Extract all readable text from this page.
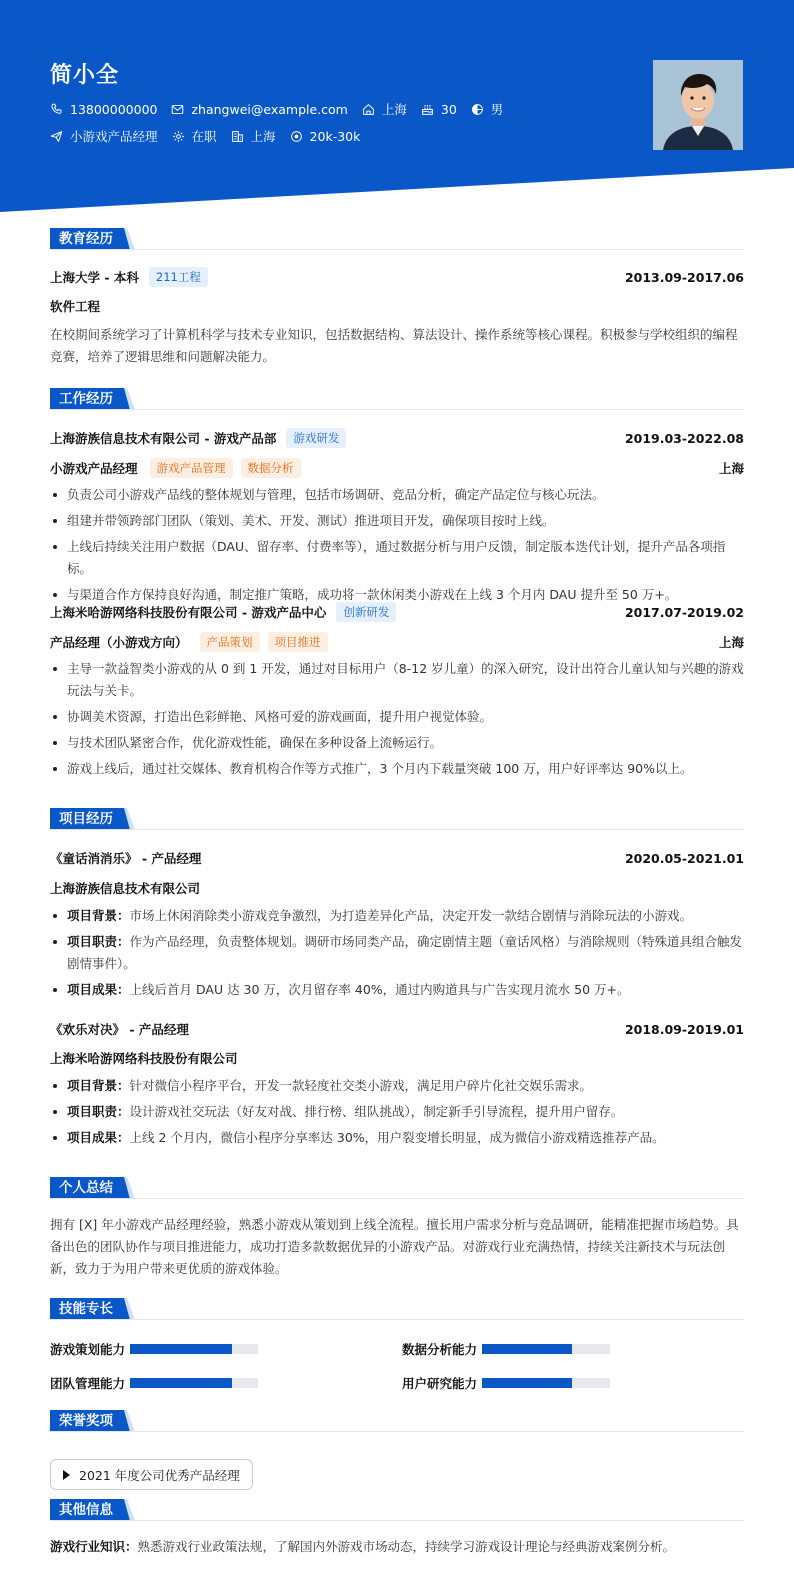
简小全
13800000000	zhangwei@example.com	上海	30	男
小游戏产品经理	在职	上海	20k-30k
教育经历
上海大学 - 本科	211工程	2013.09-2017.06
软件工程
在校期间系统学习了计算机科学与技术专业知识，包括数据结构、算法设计、操作系统等核心课程。积极参与学校组织的编程竞赛，培养了逻辑思维和问题解决能力。
工作经历
上海游族信息技术有限公司 - 游戏产品部	游戏研发	2019.03-2022.08
小游戏产品经理	游戏产品管理	数据分析	上海
负责公司小游戏产品线的整体规划与管理，包括市场调研、竞品分析，确定产品定位与核心玩法。
组建并带领跨部门团队（策划、美术、开发、测试）推进项目开发，确保项目按时上线。
上线后持续关注用户数据（DAU、留存率、付费率等），通过数据分析与用户反馈，制定版本迭代计划，提升产品各项指标。
与渠道合作方保持良好沟通，制定推广策略，成功将一款休闲类小游戏在上线 3 个月内 DAU 提升至 50 万+。
上海米哈游网络科技股份有限公司 - 游戏产品中心	创新研发	2017.07-2019.02
产品经理（小游戏方向）	产品策划	项目推进	上海
主导一款益智类小游戏的从 0 到 1 开发，通过对目标用户（8-12 岁儿童）的深入研究，设计出符合儿童认知与兴趣的游戏玩法与关卡。
协调美术资源，打造出色彩鲜艳、风格可爱的游戏画面，提升用户视觉体验。
与技术团队紧密合作，优化游戏性能，确保在多种设备上流畅运行。
游戏上线后，通过社交媒体、教育机构合作等方式推广，3 个月内下载量突破 100 万，用户好评率达 90%以上。
项目经历
《童话消消乐》 - 产品经理	2020.05-2021.01
上海游族信息技术有限公司
项目背景：市场上休闲消除类小游戏竞争激烈，为打造差异化产品，决定开发一款结合剧情与消除玩法的小游戏。
项目职责：作为产品经理，负责整体规划。调研市场同类产品，确定剧情主题（童话风格）与消除规则（特殊道具组合触发剧情事件）。
项目成果：上线后首月 DAU 达 30 万，次月留存率 40%，通过内购道具与广告实现月流水 50 万+。
《欢乐对决》 - 产品经理	2018.09-2019.01
上海米哈游网络科技股份有限公司
项目背景：针对微信小程序平台，开发一款轻度社交类小游戏，满足用户碎片化社交娱乐需求。
项目职责：设计游戏社交玩法（好友对战、排行榜、组队挑战），制定新手引导流程，提升用户留存。
项目成果：上线 2 个月内，微信小程序分享率达 30%，用户裂变增长明显，成为微信小游戏精选推荐产品。
个人总结
拥有 [X] 年小游戏产品经理经验，熟悉小游戏从策划到上线全流程。擅长用户需求分析与竞品调研，能精准把握市场趋势。具备出色的团队协作与项目推进能力，成功打造多款数据优异的小游戏产品。对游戏行业充满热情，持续关注新技术与玩法创新，致力于为用户带来更优质的游戏体验。
技能专长
游戏策划能力	数据分析能力
团队管理能力	用户研究能力
荣誉奖项
2021 年度公司优秀产品经理
其他信息
游戏行业知识：熟悉游戏行业政策法规，了解国内外游戏市场动态，持续学习游戏设计理论与经典游戏案例分析。
